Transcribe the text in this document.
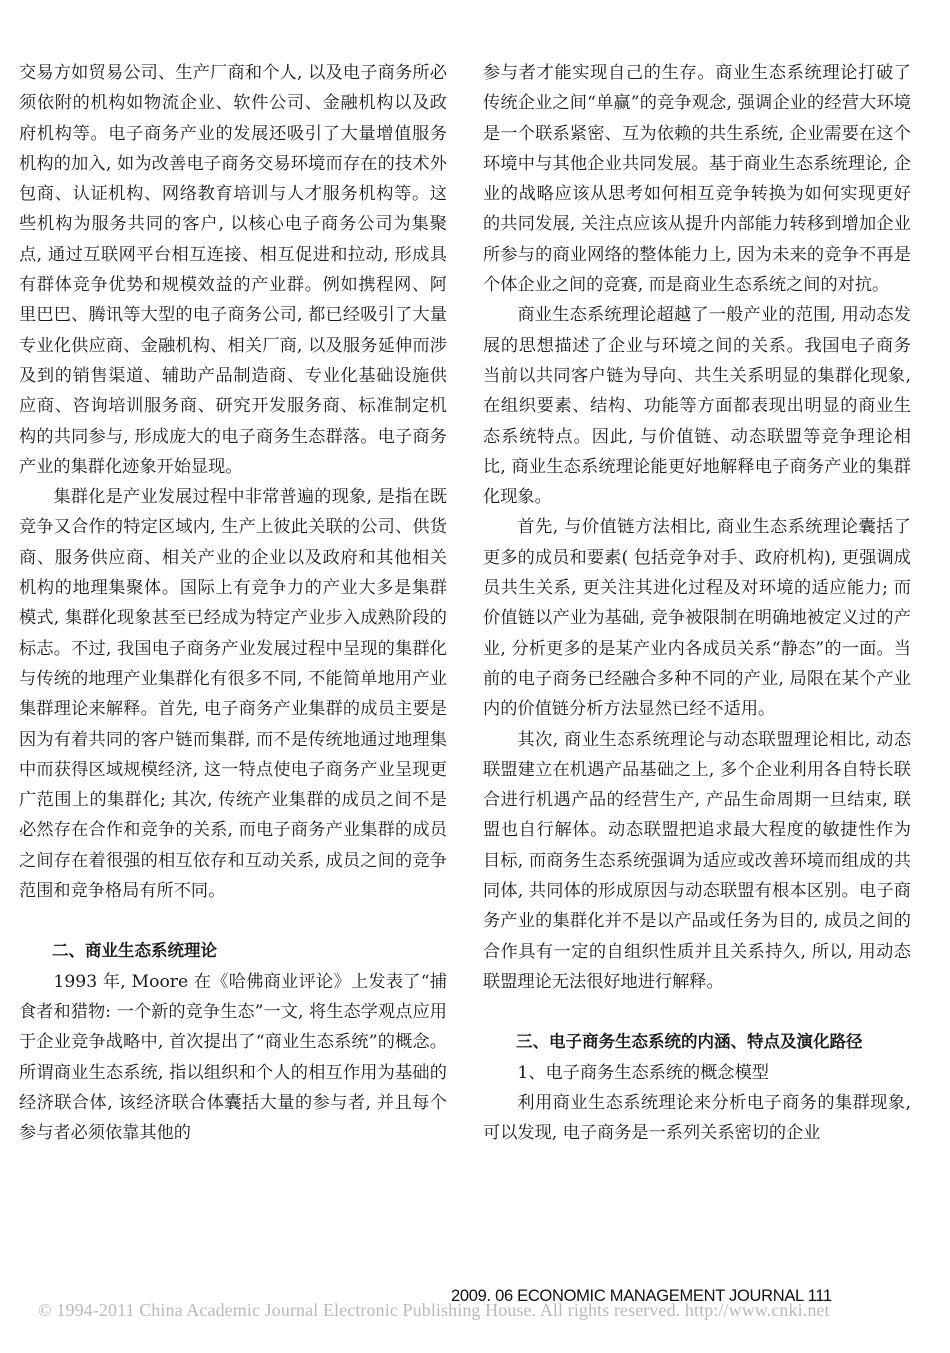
交易方如贸易公司、生产厂商和个人, 以及电子商务所必须依附的机构如物流企业、软件公司、金融机构以及政府机构等。电子商务产业的发展还吸引了大量增值服务机构的加入, 如为改善电子商务交易环境而存在的技术外包商、认证机构、网络教育培训与人才服务机构等。这些机构为服务共同的客户, 以核心电子商务公司为集聚点, 通过互联网平台相互连接、相互促进和拉动, 形成具有群体竞争优势和规模效益的产业群。例如携程网、阿里巴巴、腾讯等大型的电子商务公司, 都已经吸引了大量专业化供应商、金融机构、相关厂商, 以及服务延伸而涉及到的销售渠道、辅助产品制造商、专业化基础设施供应商、咨询培训服务商、研究开发服务商、标准制定机构的共同参与, 形成庞大的电子商务生态群落。电子商务产业的集群化迹象开始显现。

集群化是产业发展过程中非常普遍的现象, 是指在既竞争又合作的特定区域内, 生产上彼此关联的公司、供货商、服务供应商、相关产业的企业以及政府和其他相关机构的地理集聚体。国际上有竞争力的产业大多是集群模式, 集群化现象甚至已经成为特定产业步入成熟阶段的标志。不过, 我国电子商务产业发展过程中呈现的集群化与传统的地理产业集群化有很多不同, 不能简单地用产业集群理论来解释。首先, 电子商务产业集群的成员主要是因为有着共同的客户链而集群, 而不是传统地通过地理集中而获得区域规模经济, 这一特点使电子商务产业呈现更广范围上的集群化; 其次, 传统产业集群的成员之间不是必然存在合作和竞争的关系, 而电子商务产业集群的成员之间存在着很强的相互依存和互动关系, 成员之间的竞争范围和竞争格局有所不同。

二、商业生态系统理论

1993 年, Moore 在《哈佛商业评论》上发表了“捕食者和猎物: 一个新的竞争生态”一文, 将生态学观点应用于企业竞争战略中, 首次提出了“商业生态系统”的概念。所谓商业生态系统, 指以组织和个人的相互作用为基础的经济联合体, 该经济联合体囊括大量的参与者, 并且每个参与者必须依靠其他的

参与者才能实现自己的生存。商业生态系统理论打破了传统企业之间“单赢”的竞争观念, 强调企业的经营大环境是一个联系紧密、互为依赖的共生系统, 企业需要在这个环境中与其他企业共同发展。基于商业生态系统理论, 企业的战略应该从思考如何相互竞争转换为如何实现更好的共同发展, 关注点应该从提升内部能力转移到增加企业所参与的商业网络的整体能力上, 因为未来的竞争不再是个体企业之间的竞赛, 而是商业生态系统之间的对抗。

商业生态系统理论超越了一般产业的范围, 用动态发展的思想描述了企业与环境之间的关系。我国电子商务当前以共同客户链为导向、共生关系明显的集群化现象, 在组织要素、结构、功能等方面都表现出明显的商业生态系统特点。因此, 与价值链、动态联盟等竞争理论相比, 商业生态系统理论能更好地解释电子商务产业的集群化现象。

首先, 与价值链方法相比, 商业生态系统理论囊括了更多的成员和要素( 包括竞争对手、政府机构), 更强调成员共生关系, 更关注其进化过程及对环境的适应能力; 而价值链以产业为基础, 竞争被限制在明确地被定义过的产业, 分析更多的是某产业内各成员关系“静态”的一面。当前的电子商务已经融合多种不同的产业, 局限在某个产业内的价值链分析方法显然已经不适用。

其次, 商业生态系统理论与动态联盟理论相比, 动态联盟建立在机遇产品基础之上, 多个企业利用各自特长联合进行机遇产品的经营生产, 产品生命周期一旦结束, 联盟也自行解体。动态联盟把追求最大程度的敏捷性作为目标, 而商务生态系统强调为适应或改善环境而组成的共同体, 共同体的形成原因与动态联盟有根本区别。电子商务产业的集群化并不是以产品或任务为目的, 成员之间的合作具有一定的自组织性质并且关系持久, 所以, 用动态联盟理论无法很好地进行解释。

三、电子商务生态系统的内涵、特点及演化路径

1、电子商务生态系统的概念模型

利用商业生态系统理论来分析电子商务的集群现象, 可以发现, 电子商务是一系列关系密切的企业

2009. 06 ECONOMIC MANAGEMENT JOURNAL 111
© 1994-2011 China Academic Journal Electronic Publishing House. All rights reserved. http://www.cnki.net
